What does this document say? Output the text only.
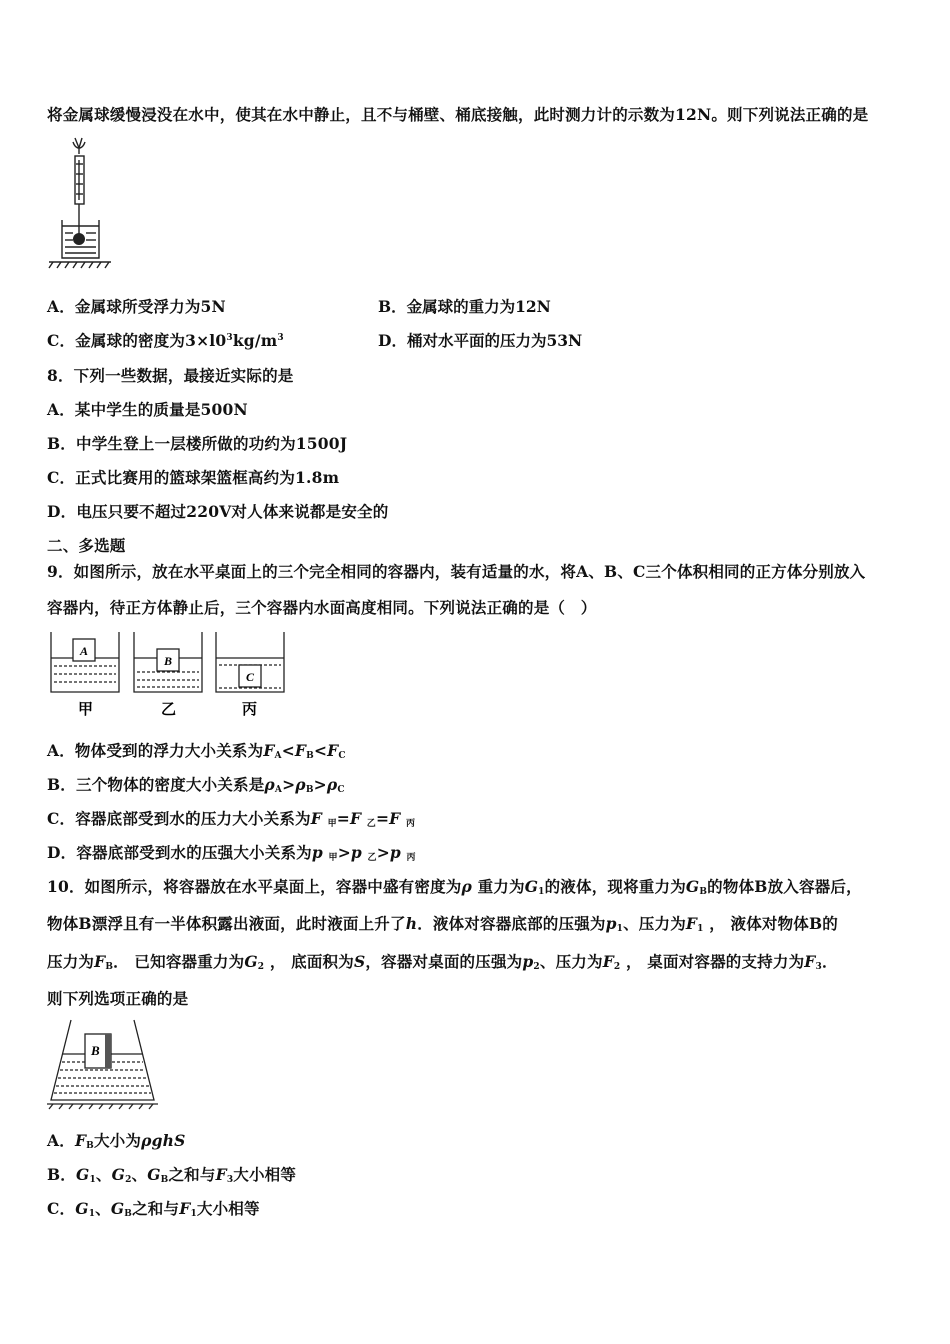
将金属球缓慢浸没在水中，使其在水中静止，且不与桶壁、桶底接触，此时测力计的示数为12N。则下列说法正确的是
A．金属球所受浮力为5N	B．金属球的重力为12N
C．金属球的密度为$3\times l0^3kg/m^3$	D．桶对水平面的压力为53N
8．下列一些数据，最接近实际的是
A．某中学生的质量是500N
B．中学生登上一层楼所做的功约为1500J
C．正式比赛用的篮球架篮框高约为1.8m
D．电压只要不超过220V对人体来说都是安全的
二、多选题
9．如图所示，放在水平桌面上的三个完全相同的容器内，装有适量的水，将A、B、C三个体积相同的正方体分别放入
容器内，待正方体静止后，三个容器内水面高度相同。下列说法正确的是（　）
A
B
C
甲	乙	丙
A．物体受到的浮力大小关系为$F_A<F_B<F_C$
B．三个物体的密度大小关系是$\rho_A>\rho_B>\rho_C$
C．容器底部受到水的压力大小关系为F $_甲$=F $_乙$=F $_丙$
D．容器底部受到水的压强大小关系为p $_甲$>p $_乙$>p $_丙$
10．如图所示，将容器放在水平桌面上，容器中盛有密度为ρ 重力为$G_1$的液体，现将重力为$G_B$的物体B放入容器后，
物体B漂浮且有一半体积露出液面，此时液面上升了h．液体对容器底部的压强为$p_1$、压力为$F_1$ ， 液体对物体B的
压力为$F_B$． 已知容器重力为$G_2$ ， 底面积为S，容器对桌面的压强为$p_2$、压力为$F_2$ ， 桌面对容器的支持力为$F_3$．
则下列选项正确的是
B
A．$F_B$大小为ρghS
B．$G_1$、$G_2$、$G_B$之和与$F_3$大小相等
C．$G_1$、$G_B$之和与$F_1$大小相等
